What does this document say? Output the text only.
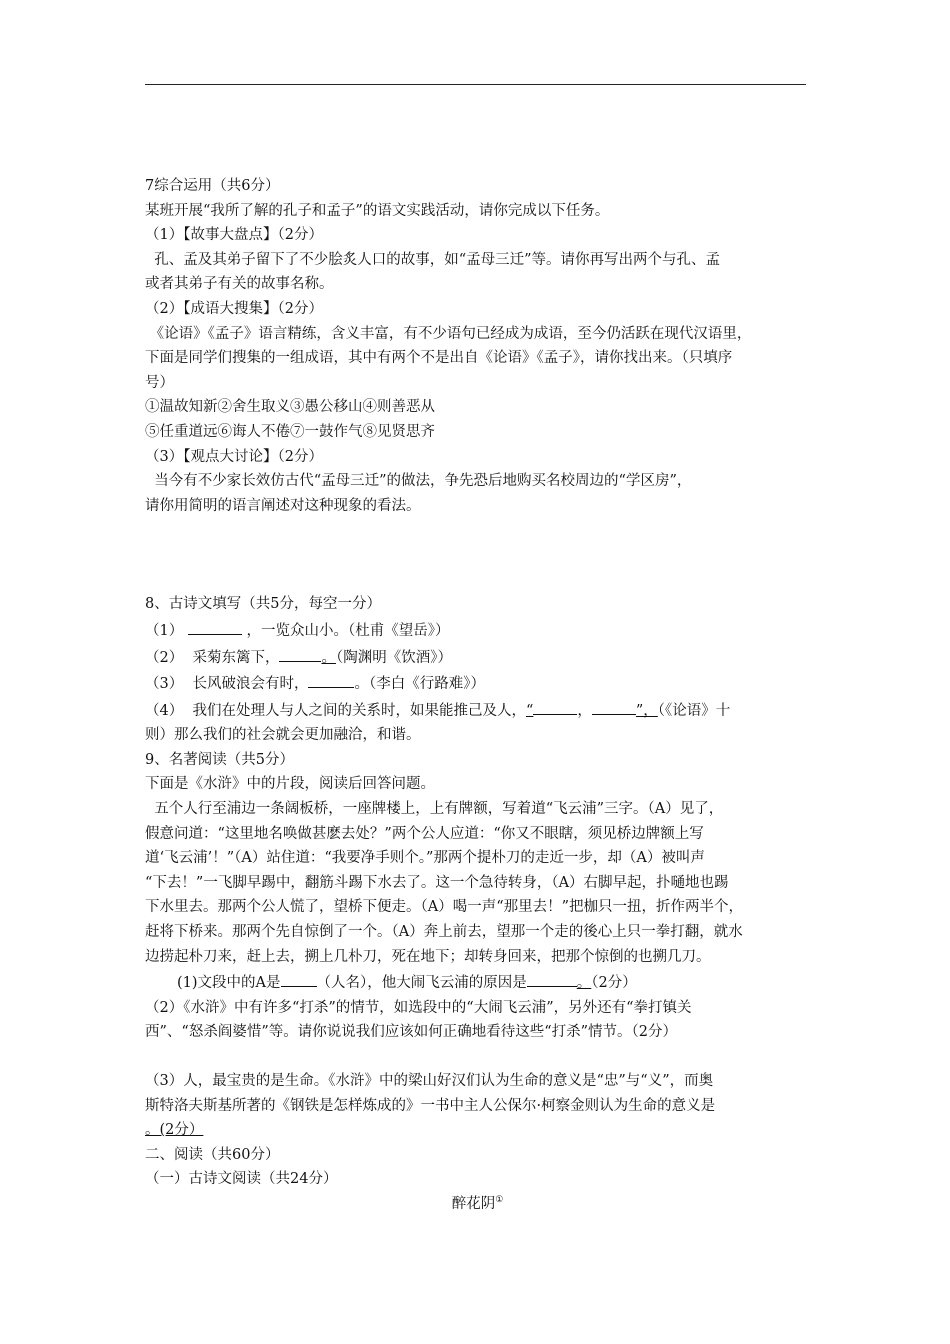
7综合运用（共6分）

某班开展“我所了解的孔子和孟子”的语文实践活动，请你完成以下任务。

（1）【故事大盘点】（2分）

孔、孟及其弟子留下了不少脍炙人口的故事，如“孟母三迁”等。请你再写出两个与孔、孟

或者其弟子有关的故事名称。

（2）【成语大搜集】（2分）

《论语》《孟子》语言精练，含义丰富，有不少语句已经成为成语，至今仍活跃在现代汉语里，

下面是同学们搜集的一组成语，其中有两个不是出自《论语》《孟子》，请你找出来。（只填序

号）

①温故知新②舍生取义③愚公移山④则善恶从

⑤任重道远⑥诲人不倦⑦一鼓作气⑧见贤思齐

（3）【观点大讨论】（2分）

当今有不少家长效仿古代“孟母三迁”的做法，争先恐后地购买名校周边的“学区房”，

请你用简明的语言阐述对这种现象的看法。

8、古诗文填写（共5分，每空一分）

（1）	，一览众山小。（杜甫《望岳》）

（2）  采菊东篱下，	。（陶渊明《饮酒》）

（3）  长风破浪会有时，	。（李白《行路难》）

（4）  我们在处理人与人之间的关系时，如果能推己及人，“	，	”，（《论语》十

则）那么我们的社会就会更加融洽，和谐。

9、名著阅读（共5分）

下面是《水浒》中的片段，阅读后回答问题。

五个人行至浦边一条阔板桥，一座牌楼上，上有牌额，写着道“飞云浦”三字。（A）见了，

假意问道：“这里地名唤做甚麽去处？”两个公人应道：“你又不眼瞎，须见桥边牌额上写

道‘飞云浦’！”（A）站住道：“我要净手则个。”那两个提朴刀的走近一步，却（A）被叫声

“下去！”一飞脚早踢中，翻筋斗踢下水去了。这一个急待转身，（A）右脚早起，扑嗵地也踢

下水里去。那两个公人慌了，望桥下便走。（A）喝一声“那里去！”把枷只一扭，折作两半个，

赶将下桥来。那两个先自惊倒了一个。（A）奔上前去，望那一个走的後心上只一拳打翻，就水

边捞起朴刀来，赶上去，搠上几朴刀，死在地下；却转身回来，把那个惊倒的也搠几刀。

(1)文段中的A是 （人名），他大闹飞云浦的原因是	。（2分）

（2）《水浒》中有许多“打杀”的情节，如选段中的“大闹飞云浦”，另外还有“拳打镇关

西”、“怒杀阎婆惜”等。请你说说我们应该如何正确地看待这些“打杀”情节。（2分）

（3）人，最宝贵的是生命。《水浒》中的梁山好汉们认为生命的意义是“忠”与“义”，而奥

斯特洛夫斯基所著的《钢铁是怎样炼成的》一书中主人公保尔·柯察金则认为生命的意义是

。(2分）

二、阅读（共60分）

（一）古诗文阅读（共24分）

醉花阴①
